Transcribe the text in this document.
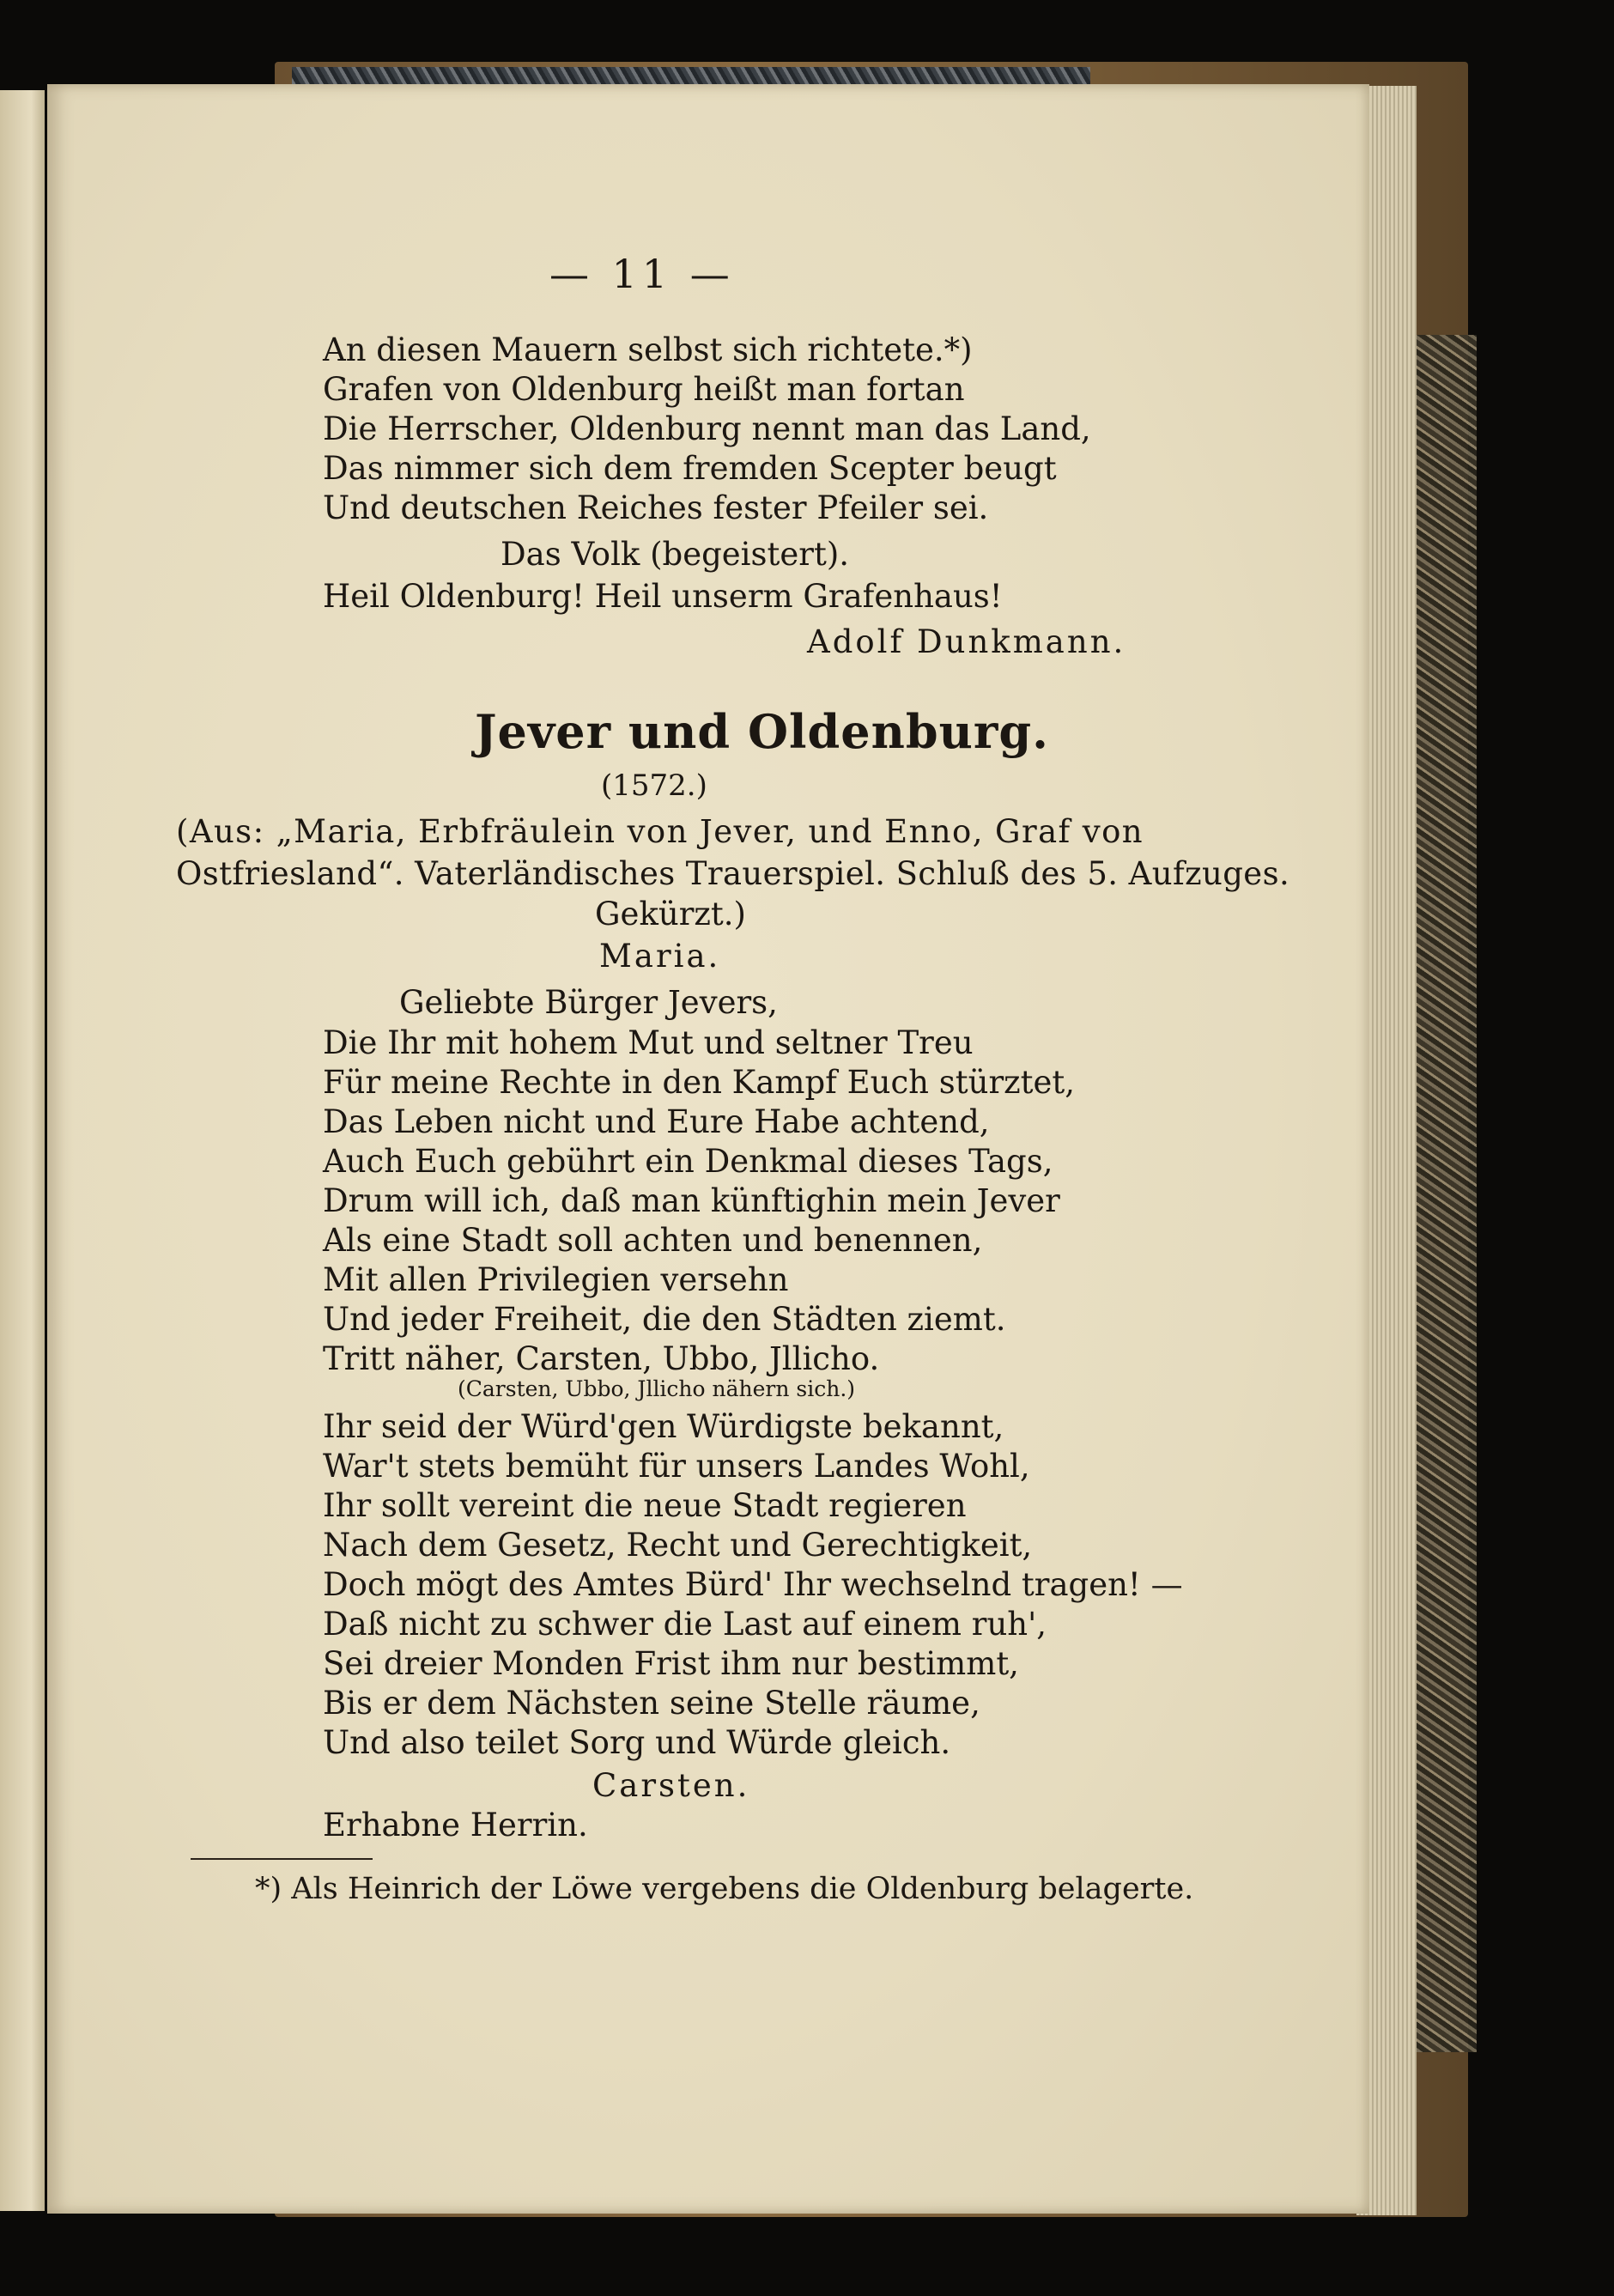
— 11 —
An diesen Mauern selbst sich richtete.*)
Grafen von Oldenburg heißt man fortan
Die Herrscher, Oldenburg nennt man das Land,
Das nimmer sich dem fremden Scepter beugt
Und deutschen Reiches fester Pfeiler sei.
Das Volk (begeistert).
Heil Oldenburg! Heil unserm Grafenhaus!
Adolf Dunkmann.
Jever und Oldenburg.
(1572.)
(Aus: „Maria, Erbfräulein von Jever, und Enno, Graf von
Ostfriesland“. Vaterländisches Trauerspiel. Schluß des 5. Aufzuges.
Gekürzt.)
Maria.
Geliebte Bürger Jevers,
Die Ihr mit hohem Mut und seltner Treu
Für meine Rechte in den Kampf Euch stürztet,
Das Leben nicht und Eure Habe achtend,
Auch Euch gebührt ein Denkmal dieses Tags,
Drum will ich, daß man künftighin mein Jever
Als eine Stadt soll achten und benennen,
Mit allen Privilegien versehn
Und jeder Freiheit, die den Städten ziemt.
Tritt näher, Carsten, Ubbo, Jllicho.
(Carsten, Ubbo, Jllicho nähern sich.)
Ihr seid der Würd'gen Würdigste bekannt,
War't stets bemüht für unsers Landes Wohl,
Ihr sollt vereint die neue Stadt regieren
Nach dem Gesetz, Recht und Gerechtigkeit,
Doch mögt des Amtes Bürd' Ihr wechselnd tragen! —
Daß nicht zu schwer die Last auf einem ruh',
Sei dreier Monden Frist ihm nur bestimmt,
Bis er dem Nächsten seine Stelle räume,
Und also teilet Sorg und Würde gleich.
Carsten.
Erhabne Herrin.
*) Als Heinrich der Löwe vergebens die Oldenburg belagerte.
